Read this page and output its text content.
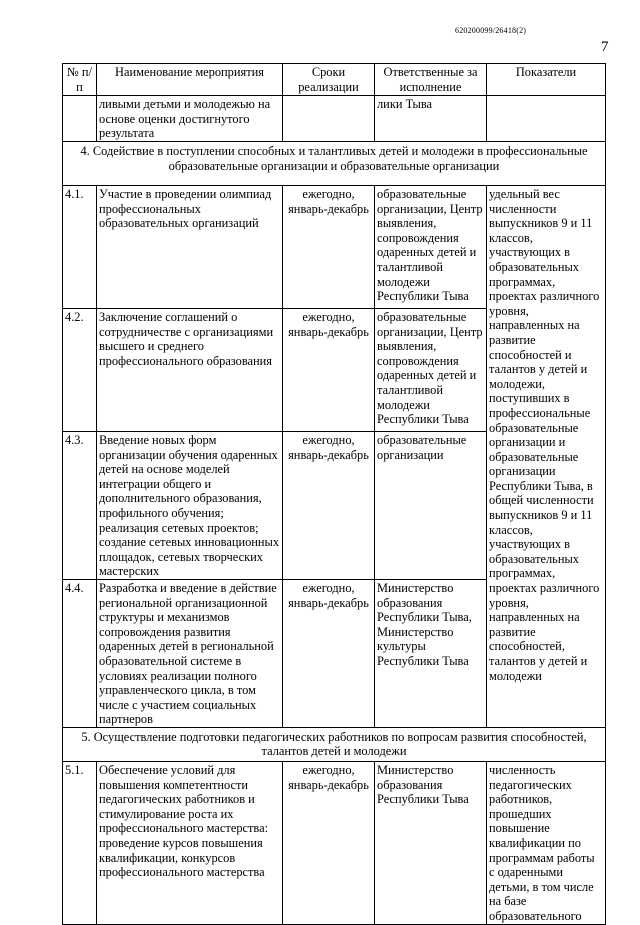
620200099/26418(2)
7
№ п/п	Наименование мероприятия	Сроки реализации	Ответственные за исполнение	Показатели
	ливыми детьми и молодежью на основе оценки достигнутого результата		лики Тыва	
4. Содействие в поступлении способных и талантливых детей и молодежи в профессиональные образовательные организации и образовательные организации				
4.1.	Участие в проведении олимпиад профессиональных образовательных организаций	ежегодно, январь-декабрь	образовательные организации, Центр выявления, сопровождения одаренных детей и талантливой молодежи Республики Тыва	удельный вес численности выпускников 9 и 11 классов, участвующих в образовательных программах, проектах различного уровня, направленных на развитие способностей и талантов у детей и молодежи, поступивших в профессиональные образовательные организации и образовательные организации Республики Тыва, в общей численности выпускников 9 и 11 классов, участвующих в образовательных программах, проектах различного уровня, направленных на развитие способностей, талантов у детей и молодежи
4.2.	Заключение соглашений о сотрудничестве с организациями высшего и среднего профессионального образования	ежегодно, январь-декабрь	образовательные организации, Центр выявления, сопровождения одаренных детей и талантливой молодежи Республики Тыва	
4.3.	Введение новых форм организации обучения одаренных детей на основе моделей интеграции общего и дополнительного образования, профильного обучения; реализация сетевых проектов; создание сетевых инновационных площадок, сетевых творческих мастерских	ежегодно, январь-декабрь	образовательные организации	
4.4.	Разработка и введение в действие региональной организационной структуры и механизмов сопровождения развития одаренных детей в региональной образовательной системе в условиях реализации полного управленческого цикла, в том числе с участием социальных партнеров	ежегодно, январь-декабрь	Министерство образования Республики Тыва, Министерство культуры Республики Тыва	
5. Осуществление подготовки педагогических работников по вопросам развития способностей, талантов детей и молодежи				
5.1.	Обеспечение условий для повышения компетентности педагогических работников и стимулирование роста их профессионального мастерства: проведение курсов повышения квалификации, конкурсов профессионального мастерства	ежегодно, январь-декабрь	Министерство образования Республики Тыва	численность педагогических работников, прошедших повышение квалификации по программам работы с одаренными детьми, в том числе на базе образовательного
